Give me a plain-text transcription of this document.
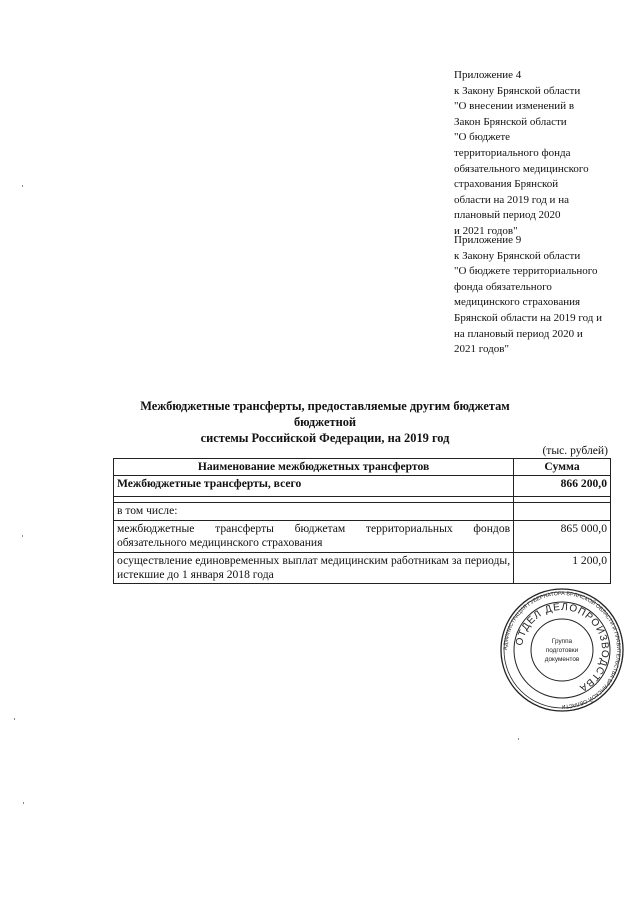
Приложение 4
к Закону Брянской области
"О внесении изменений в
Закон Брянской области
"О бюджете
территориального фонда
обязательного медицинского
страхования Брянской
области на 2019 год и на
плановый период 2020
и 2021 годов"
Приложение 9
к Закону Брянской области
"О бюджете территориального
фонда обязательного
медицинского страхования
Брянской области на 2019 год и
на плановый период 2020 и
2021 годов"
Межбюджетные трансферты, предоставляемые другим бюджетам бюджетной
системы Российской Федерации, на 2019 год
(тыс. рублей)
Наименование межбюджетных трансфертов	Сумма
Межбюджетные трансферты, всего	866 200,0

в том числе:	
межбюджетные трансферты бюджетам территориальных фондов обязательного медицинского страхования	865 000,0
осуществление единовременных выплат медицинским работникам за периоды, истекшие до 1 января 2018 года	1 200,0
АДМИНИСТРАЦИЯ ГУБЕРНАТОРА БРЯНСКОЙ ОБЛАСТИ И ПРАВИТЕЛЬСТВА БРЯНСКОЙ ОБЛАСТИ
ОТДЕЛ ДЕЛОПРОИЗВОДСТВА
Группа
подготовки
документов
